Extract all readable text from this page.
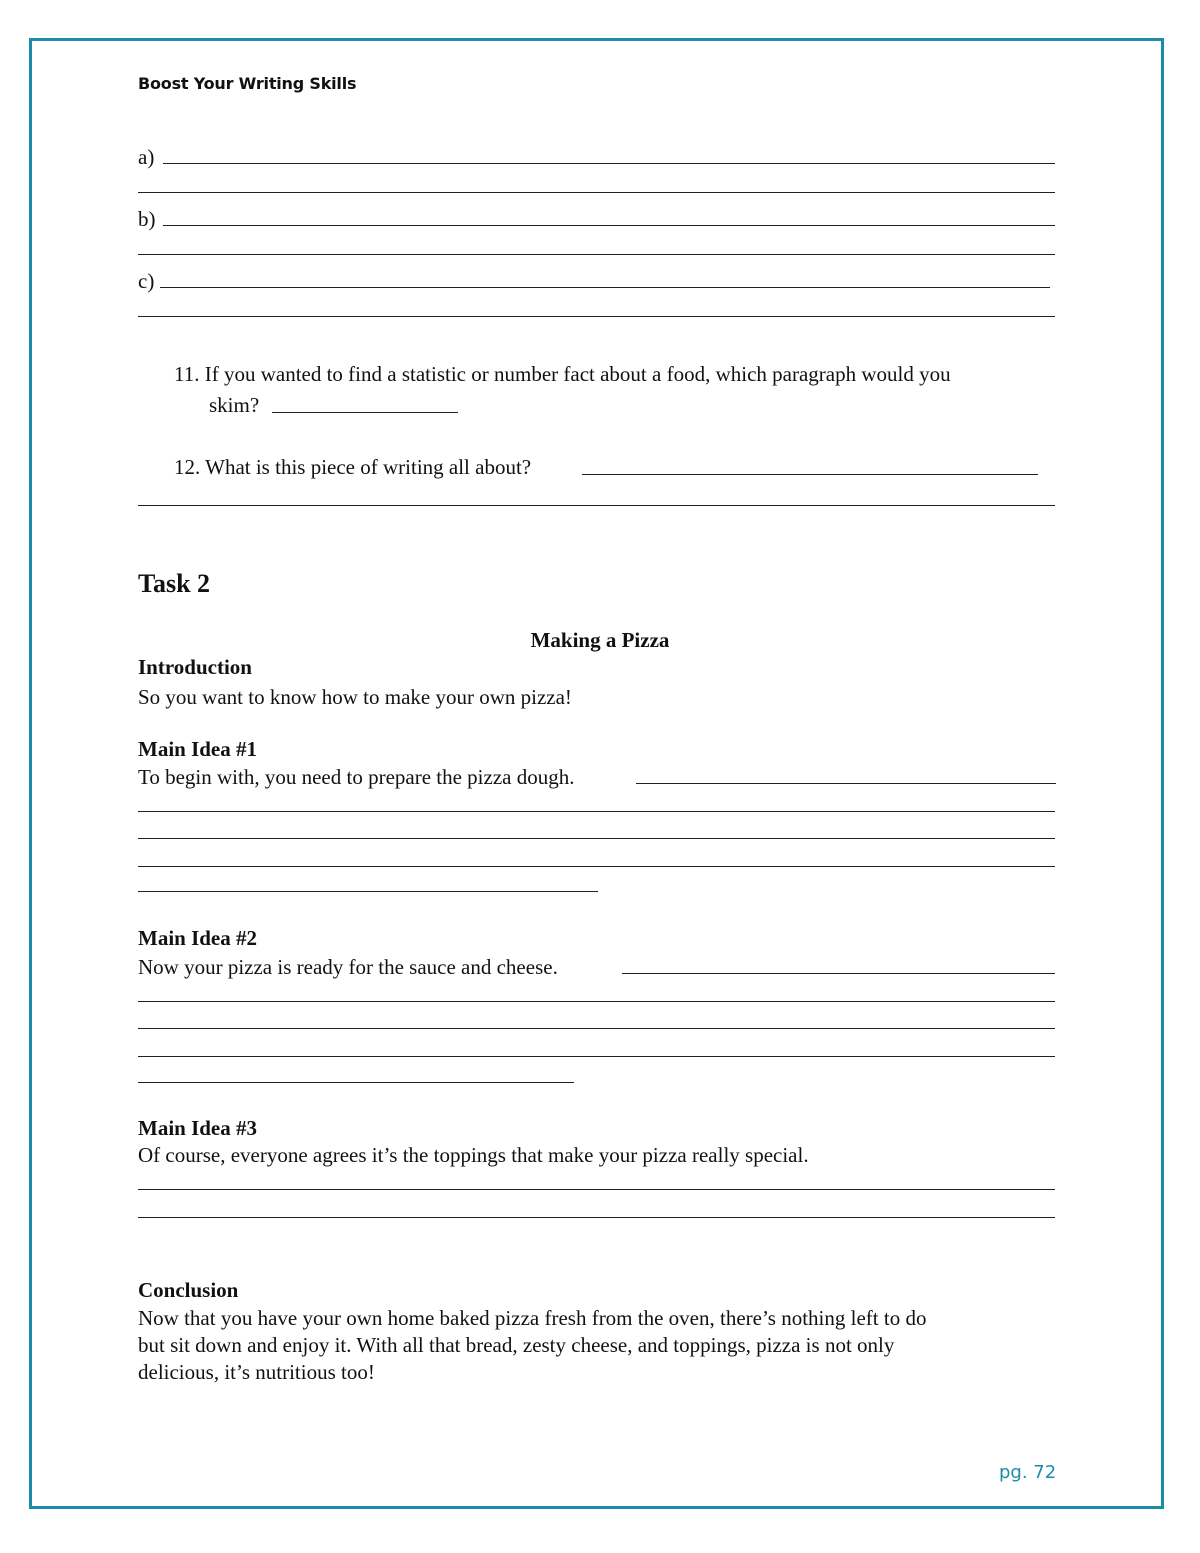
Boost Your Writing Skills
a)
b)
c)
11. If you wanted to find a statistic or number fact about a food, which paragraph would you
skim?
12. What is this piece of writing all about?
Task 2
Making a Pizza
Introduction
So you want to know how to make your own pizza!
Main Idea #1
To begin with, you need to prepare the pizza dough.
Main Idea #2
Now your pizza is ready for the sauce and cheese.
Main Idea #3
Of course, everyone agrees it’s the toppings that make your pizza really special.
Conclusion
Now that you have your own home baked pizza fresh from the oven, there’s nothing left to do
but sit down and enjoy it. With all that bread, zesty cheese, and toppings, pizza is not only
delicious, it’s nutritious too!
pg. 72
